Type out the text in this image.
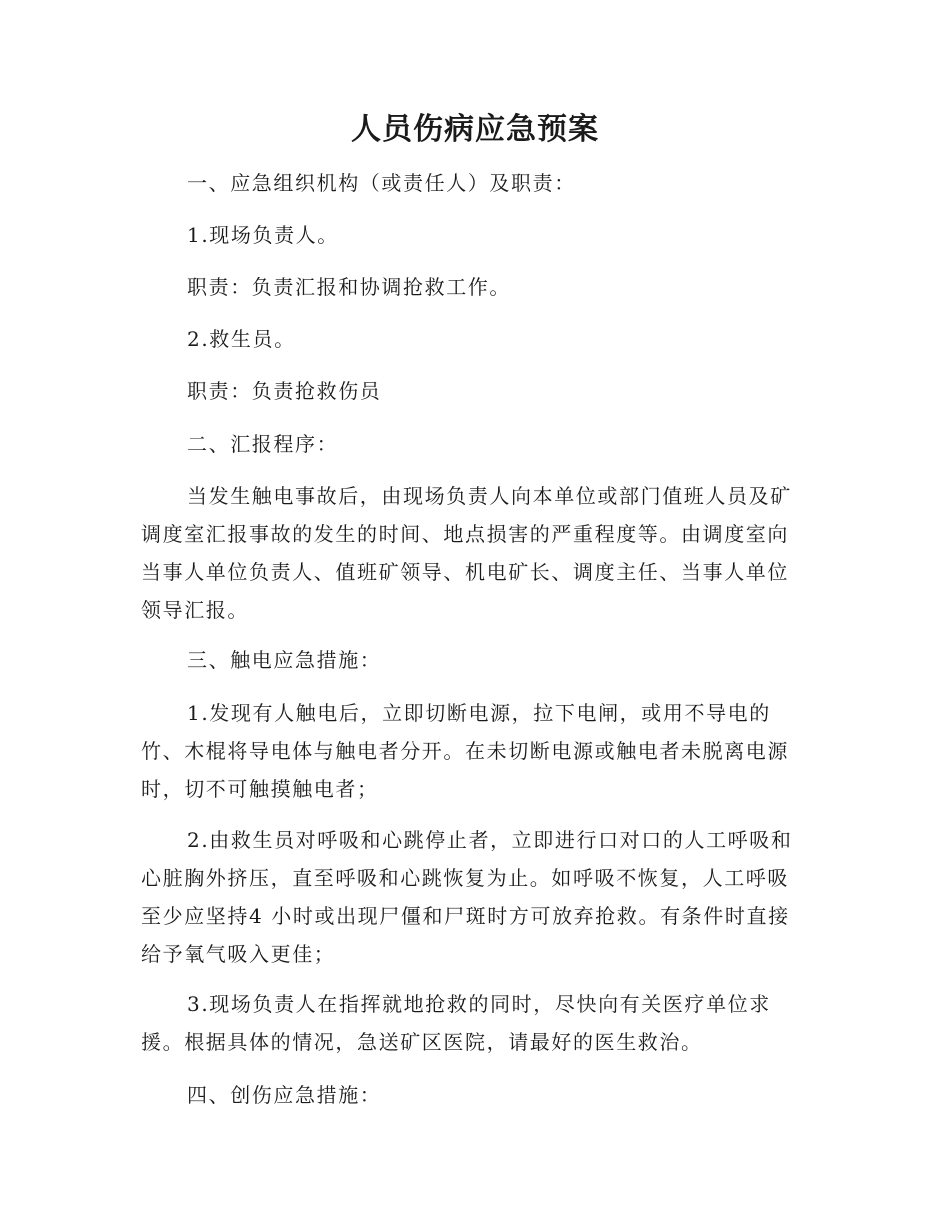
人员伤病应急预案

一、应急组织机构（或责任人）及职责：

1.现场负责人。

职责：负责汇报和协调抢救工作。

2.救生员。

职责：负责抢救伤员

二、汇报程序：

当发生触电事故后，由现场负责人向本单位或部门值班人员及矿
调度室汇报事故的发生的时间、地点损害的严重程度等。由调度室向
当事人单位负责人、值班矿领导、机电矿长、调度主任、当事人单位
领导汇报。

三、触电应急措施：

1.发现有人触电后，立即切断电源，拉下电闸，或用不导电的
竹、木棍将导电体与触电者分开。在未切断电源或触电者未脱离电源
时，切不可触摸触电者；

2.由救生员对呼吸和心跳停止者，立即进行口对口的人工呼吸和
心脏胸外挤压，直至呼吸和心跳恢复为止。如呼吸不恢复，人工呼吸
至少应坚持4 小时或出现尸僵和尸斑时方可放弃抢救。有条件时直接
给予氧气吸入更佳；

3.现场负责人在指挥就地抢救的同时，尽快向有关医疗单位求
援。根据具体的情况，急送矿区医院，请最好的医生救治。

四、创伤应急措施：
